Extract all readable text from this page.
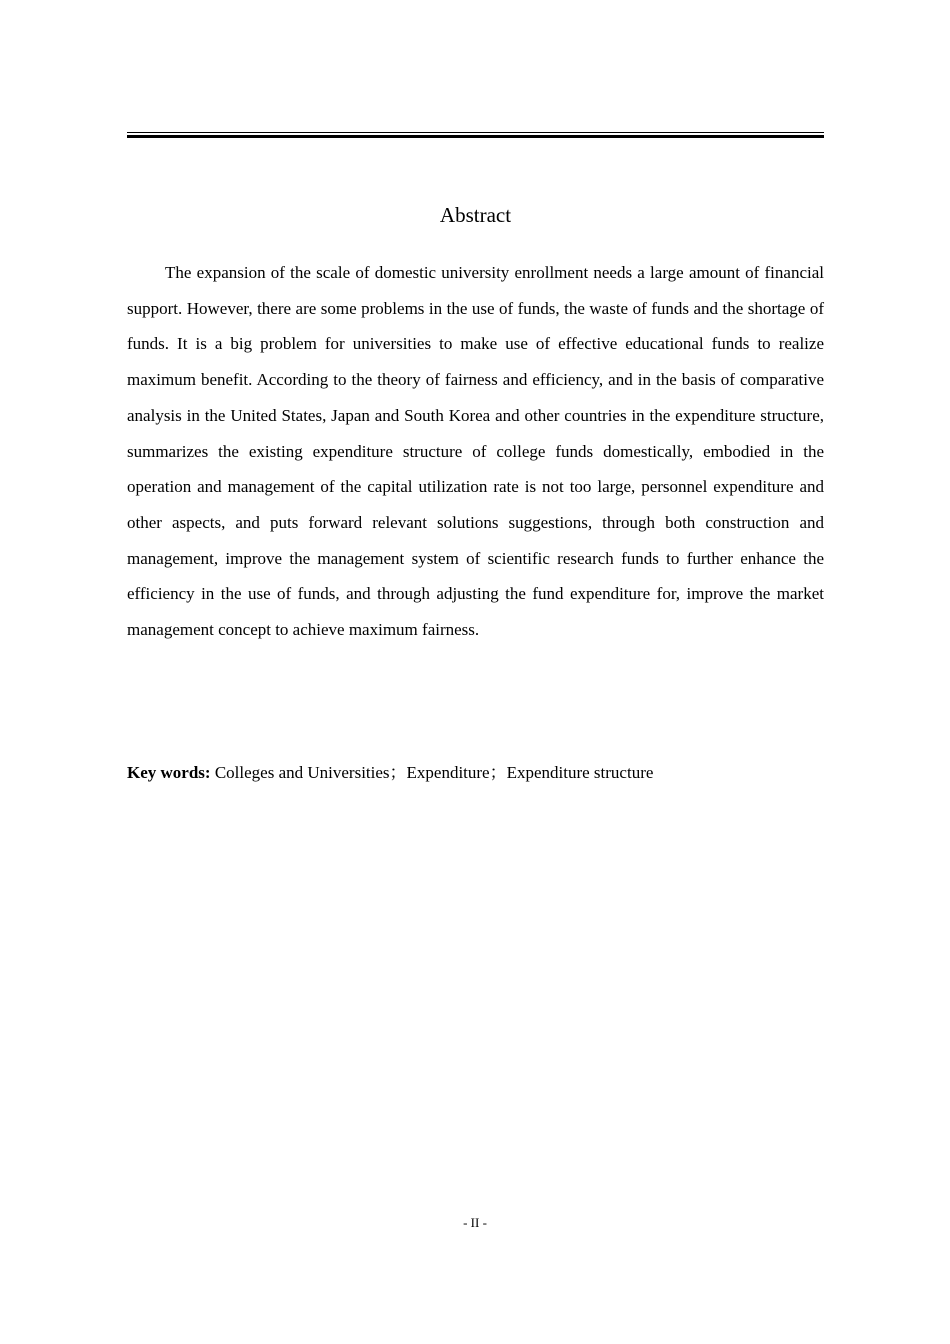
Abstract

The expansion of the scale of domestic university enrollment needs a large amount of financial support. However, there are some problems in the use of funds, the waste of funds and the shortage of funds. It is a big problem for universities to make use of effective educational funds to realize maximum benefit. According to the theory of fairness and efficiency, and in the basis of comparative analysis in the United States, Japan and South Korea and other countries in the expenditure structure, summarizes the existing expenditure structure of college funds domestically, embodied in the operation and management of the capital utilization rate is not too large, personnel expenditure and other aspects, and puts forward relevant solutions suggestions, through both construction and management, improve the management system of scientific research funds to further enhance the efficiency in the use of funds, and through adjusting the fund expenditure for, improve the market management concept to achieve maximum fairness.

Key words: Colleges and Universities；Expenditure；Expenditure structure

- II -
